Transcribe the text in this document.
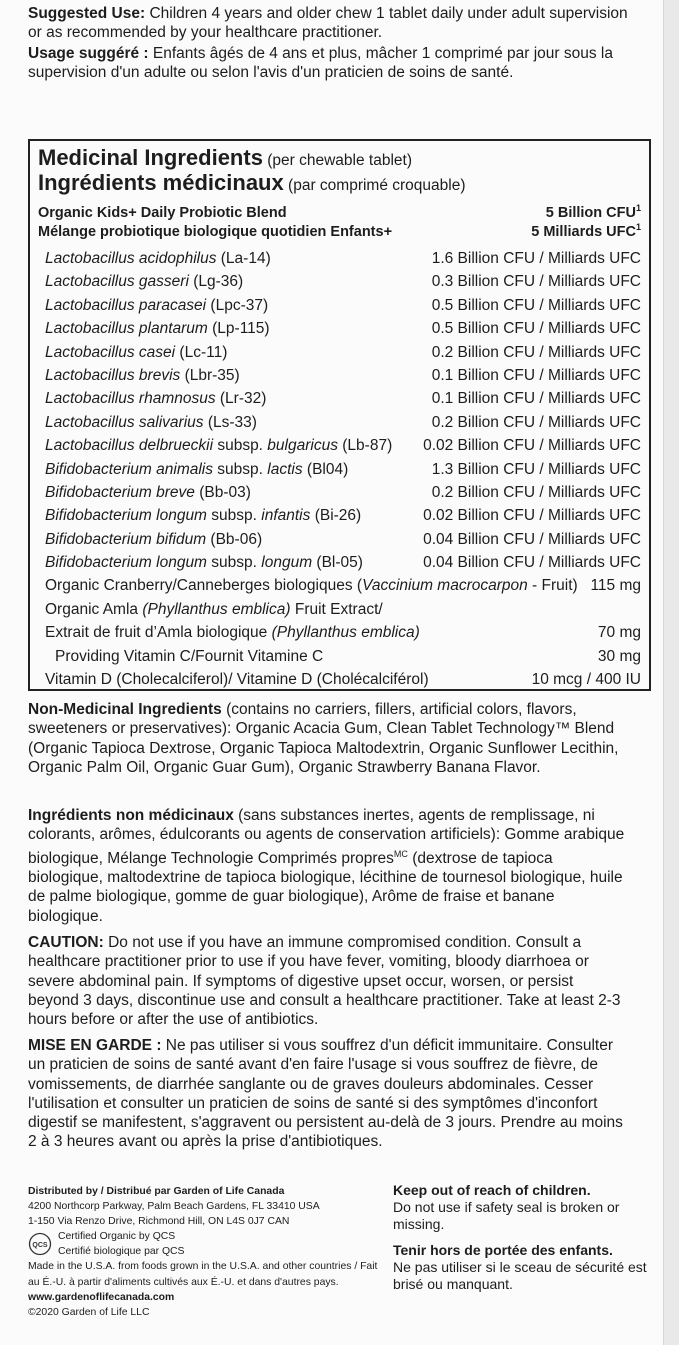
Suggested Use: Children 4 years and older chew 1 tablet daily under adult supervision or as recommended by your healthcare practitioner.
Usage suggéré : Enfants âgés de 4 ans et plus, mâcher 1 comprimé par jour sous la supervision d'un adulte ou selon l'avis d'un praticien de soins de santé.
Medicinal Ingredients (per chewable tablet)
Ingrédients médicinaux (par comprimé croquable)
Organic Kids+ Daily Probiotic Blend	5 Billion CFU$^1$
Mélange probiotique biologique quotidien Enfants+	5 Milliards UFC$^1$
Lactobacillus acidophilus (La-14)	1.6 Billion CFU / Milliards UFC
Lactobacillus gasseri (Lg-36)	0.3 Billion CFU / Milliards UFC
Lactobacillus paracasei (Lpc-37)	0.5 Billion CFU / Milliards UFC
Lactobacillus plantarum (Lp-115)	0.5 Billion CFU / Milliards UFC
Lactobacillus casei (Lc-11)	0.2 Billion CFU / Milliards UFC
Lactobacillus brevis (Lbr-35)	0.1 Billion CFU / Milliards UFC
Lactobacillus rhamnosus (Lr-32)	0.1 Billion CFU / Milliards UFC
Lactobacillus salivarius (Ls-33)	0.2 Billion CFU / Milliards UFC
Lactobacillus delbrueckii subsp. bulgaricus (Lb-87) 0.02 Billion CFU / Milliards UFC
Bifidobacterium animalis subsp. lactis (Bl04)	1.3 Billion CFU / Milliards UFC
Bifidobacterium breve (Bb-03)	0.2 Billion CFU / Milliards UFC
Bifidobacterium longum subsp. infantis (Bi-26)	0.02 Billion CFU / Milliards UFC
Bifidobacterium bifidum (Bb-06)	0.04 Billion CFU / Milliards UFC
Bifidobacterium longum subsp. longum (Bl-05)	0.04 Billion CFU / Milliards UFC
Organic Cranberry/Canneberges biologiques (Vaccinium macrocarpon - Fruit) 115 mg
Organic Amla (Phyllanthus emblica) Fruit Extract/
Extrait de fruit d’Amla biologique (Phyllanthus emblica)	70 mg
Providing Vitamin C/Fournit Vitamine C	30 mg
Vitamin D (Cholecalciferol)/ Vitamine D (Cholécalciférol)	10 mcg / 400 IU
Non-Medicinal Ingredients (contains no carriers, fillers, artificial colors, flavors, sweeteners or preservatives): Organic Acacia Gum, Clean Tablet Technology™ Blend (Organic Tapioca Dextrose, Organic Tapioca Maltodextrin, Organic Sunflower Lecithin, Organic Palm Oil, Organic Guar Gum), Organic Strawberry Banana Flavor.
Ingrédients non médicinaux (sans substances inertes, agents de remplissage, ni colorants, arômes, édulcorants ou agents de conservation artificiels): Gomme arabique biologique, Mélange Technologie Comprimés propres$^{MC}$ (dextrose de tapioca biologique, maltodextrine de tapioca biologique, lécithine de tournesol biologique, huile de palme biologique, gomme de guar biologique), Arôme de fraise et banane biologique.
CAUTION: Do not use if you have an immune compromised condition. Consult a healthcare practitioner prior to use if you have fever, vomiting, bloody diarrhoea or severe abdominal pain. If symptoms of digestive upset occur, worsen, or persist beyond 3 days, discontinue use and consult a healthcare practitioner. Take at least 2-3 hours before or after the use of antibiotics.
MISE EN GARDE : Ne pas utiliser si vous souffrez d'un déficit immunitaire. Consulter un praticien de soins de santé avant d'en faire l'usage si vous souffrez de fièvre, de vomissements, de diarrhée sanglante ou de graves douleurs abdominales. Cesser l'utilisation et consulter un praticien de soins de santé si des symptômes d'inconfort digestif se manifestent, s'aggravent ou persistent au-delà de 3 jours. Prendre au moins 2 à 3 heures avant ou après la prise d'antibiotiques.
Distributed by / Distribué par Garden of Life Canada
4200 Northcorp Parkway, Palm Beach Gardens, FL 33410 USA
1-150 Via Renzo Drive, Richmond Hill, ON L4S 0J7 CAN
QCS
Certified Organic by QCS
Certifié biologique par QCS
Made in the U.S.A. from foods grown in the U.S.A. and other countries / Fait au É.-U. à partir d'aliments cultivés aux É.-U. et dans d'autres pays. www.gardenoflifecanada.com
©2020 Garden of Life LLC
Keep out of reach of children.
Do not use if safety seal is broken or missing.
Tenir hors de portée des enfants.
Ne pas utiliser si le sceau de sécurité est brisé ou manquant.
